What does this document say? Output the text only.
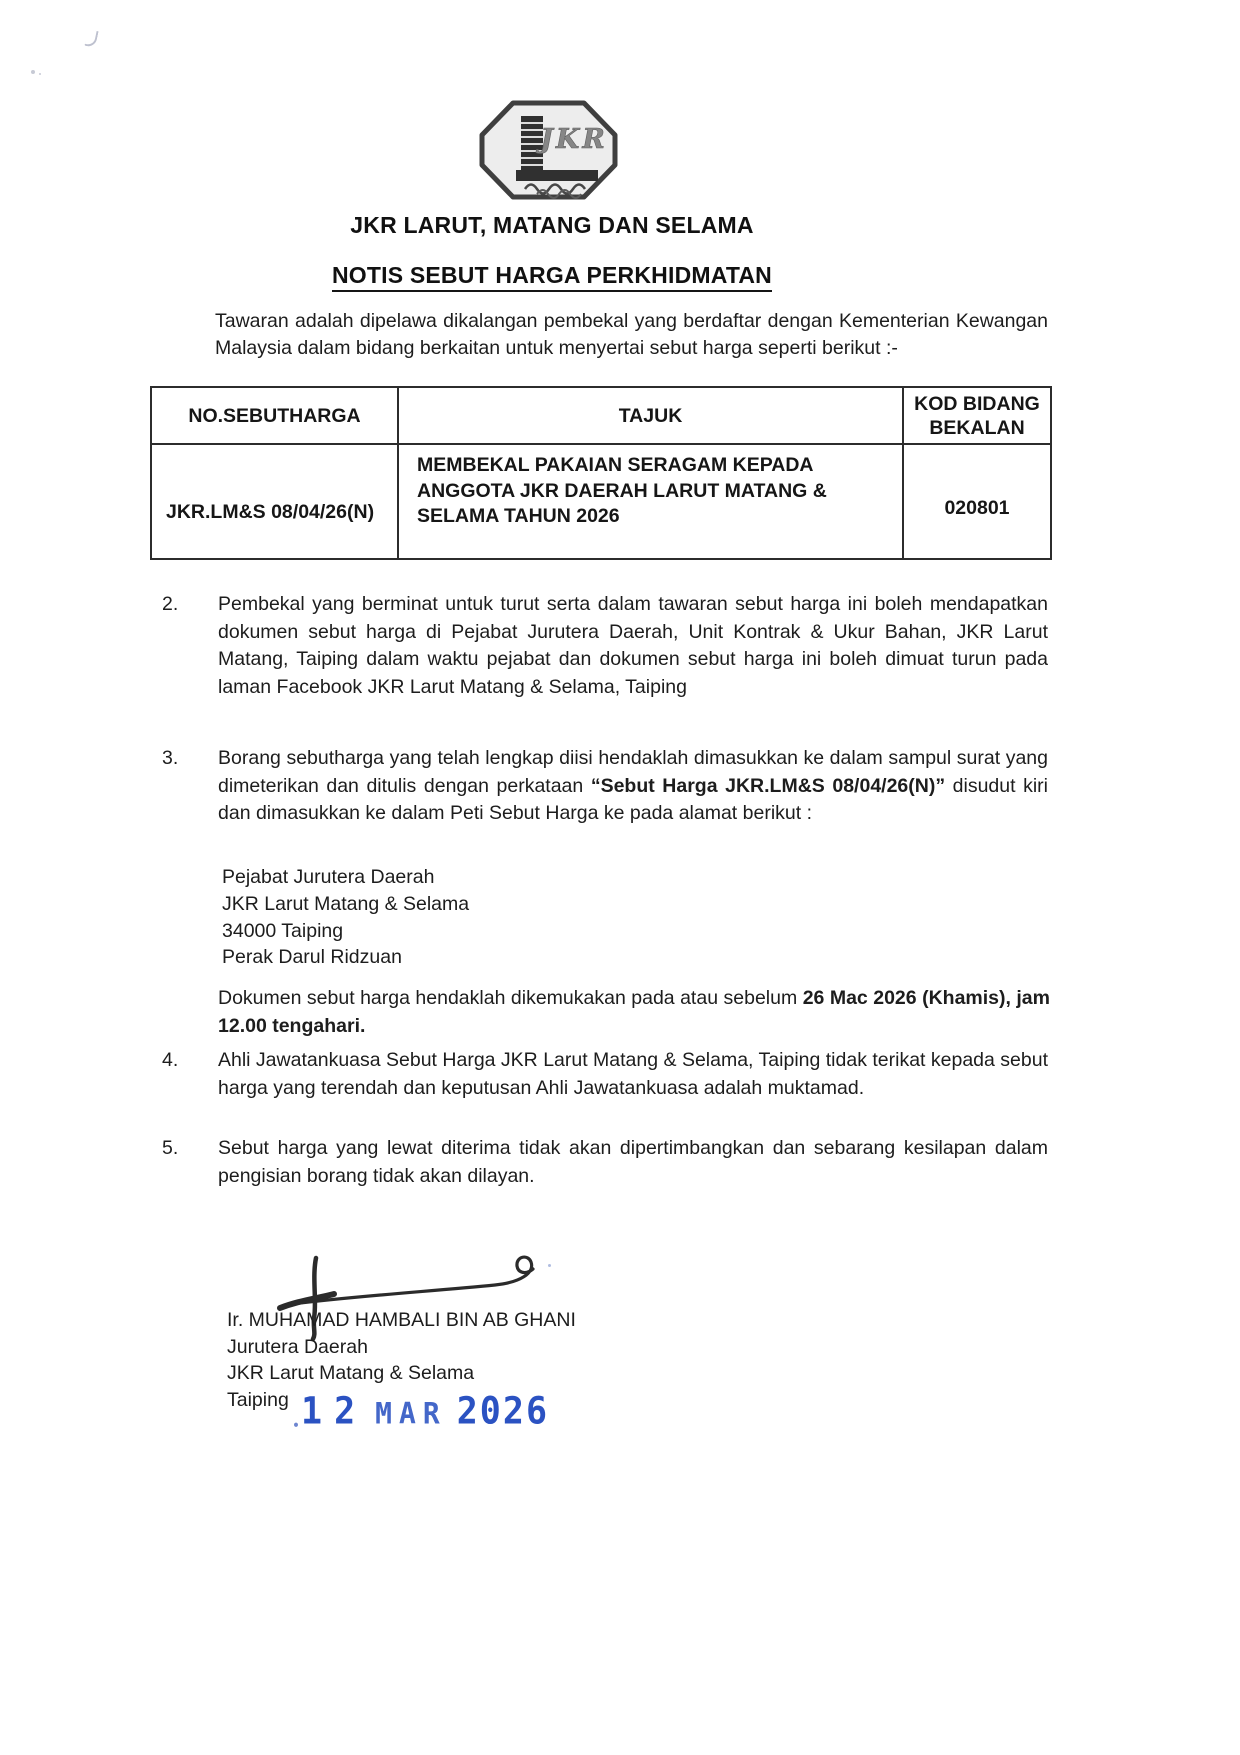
JKR
JKR LARUT, MATANG DAN SELAMA

NOTIS SEBUT HARGA PERKHIDMATAN

Tawaran adalah dipelawa dikalangan pembekal yang berdaftar dengan Kementerian Kewangan Malaysia dalam bidang berkaitan untuk menyertai sebut harga seperti berikut :-

NO.SEBUTHARGA	TAJUK	KOD BIDANG BEKALAN
JKR.LM&S 08/04/26(N)	MEMBEKAL PAKAIAN SERAGAM KEPADA ANGGOTA JKR DAERAH LARUT MATANG & SELAMA TAHUN 2026	020801
2.	Pembekal yang berminat untuk turut serta dalam tawaran sebut harga ini boleh mendapatkan dokumen sebut harga di Pejabat Jurutera Daerah, Unit Kontrak & Ukur Bahan, JKR Larut Matang, Taiping dalam waktu pejabat dan dokumen sebut harga ini boleh dimuat turun pada laman Facebook JKR Larut Matang & Selama, Taiping
3.	Borang sebutharga yang telah lengkap diisi hendaklah dimasukkan ke dalam sampul surat yang dimeterikan dan ditulis dengan perkataan “Sebut Harga JKR.LM&S 08/04/26(N)” disudut kiri dan dimasukkan ke dalam Peti Sebut Harga ke pada alamat berikut :
Pejabat Jurutera Daerah
JKR Larut Matang & Selama
34000 Taiping
Perak Darul Ridzuan
Dokumen sebut harga hendaklah dikemukakan pada atau sebelum 26 Mac 2026 (Khamis), jam 12.00 tengahari.
4.	Ahli Jawatankuasa Sebut Harga JKR Larut Matang & Selama, Taiping tidak terikat kepada sebut harga yang terendah dan keputusan Ahli Jawatankuasa adalah muktamad.
5.	Sebut harga yang lewat diterima tidak akan dipertimbangkan dan sebarang kesilapan dalam pengisian borang tidak akan dilayan.
Ir. MUHAMAD HAMBALI BIN AB GHANI
Jurutera Daerah
JKR Larut Matang & Selama
Taiping 12 MAR 2026
